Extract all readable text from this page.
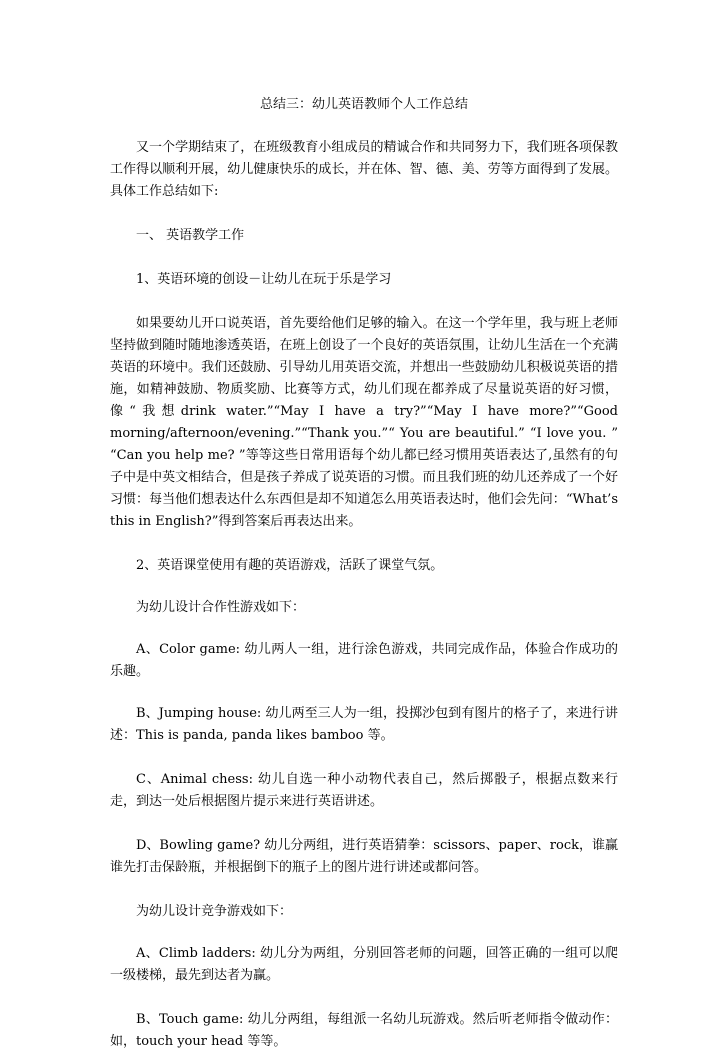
总结三：幼儿英语教师个人工作总结

又一个学期结束了，在班级教育小组成员的精诚合作和共同努力下，我们班各项保教工作得以顺利开展，幼儿健康快乐的成长，并在体、智、德、美、劳等方面得到了发展。具体工作总结如下:

一、 英语教学工作

1、英语环境的创设－让幼儿在玩于乐是学习

如果要幼儿开口说英语，首先要给他们足够的输入。在这一个学年里，我与班上老师坚持做到随时随地渗透英语，在班上创设了一个良好的英语氛围，让幼儿生活在一个充满英语的环境中。我们还鼓励、引导幼儿用英语交流，并想出一些鼓励幼儿积极说英语的措施，如精神鼓励、物质奖励、比赛等方式，幼儿们现在都养成了尽量说英语的好习惯，像“我想drink water.”“May I have a try?”“May I have more?”“Good morning/afternoon/evening.”“Thank you.”“ You are beautiful.” “I love you. ” “Can you help me? ”等等这些日常用语每个幼儿都已经习惯用英语表达了,虽然有的句子中是中英文相结合，但是孩子养成了说英语的习惯。而且我们班的幼儿还养成了一个好习惯：每当他们想表达什么东西但是却不知道怎么用英语表达时，他们会先问：“What’s this in English?”得到答案后再表达出来。

2、英语课堂使用有趣的英语游戏，活跃了课堂气氛。

为幼儿设计合作性游戏如下：

A、Color game: 幼儿两人一组，进行涂色游戏，共同完成作品，体验合作成功的乐趣。

B、Jumping house: 幼儿两至三人为一组，投掷沙包到有图片的格子了，来进行讲述：This is panda, panda likes bamboo 等。

C、Animal chess: 幼儿自选一种小动物代表自己，然后掷骰子，根据点数来行走，到达一处后根据图片提示来进行英语讲述。

D、Bowling game? 幼儿分两组，进行英语猜拳：scissors、paper、rock，谁赢谁先打击保龄瓶，并根据倒下的瓶子上的图片进行讲述或都问答。

为幼儿设计竞争游戏如下：

A、Climb ladders: 幼儿分为两组，分别回答老师的问题，回答正确的一组可以爬一级楼梯，最先到达者为赢。

B、Touch game: 幼儿分两组，每组派一名幼儿玩游戏。然后听老师指令做动作：如，touch your head 等等。
